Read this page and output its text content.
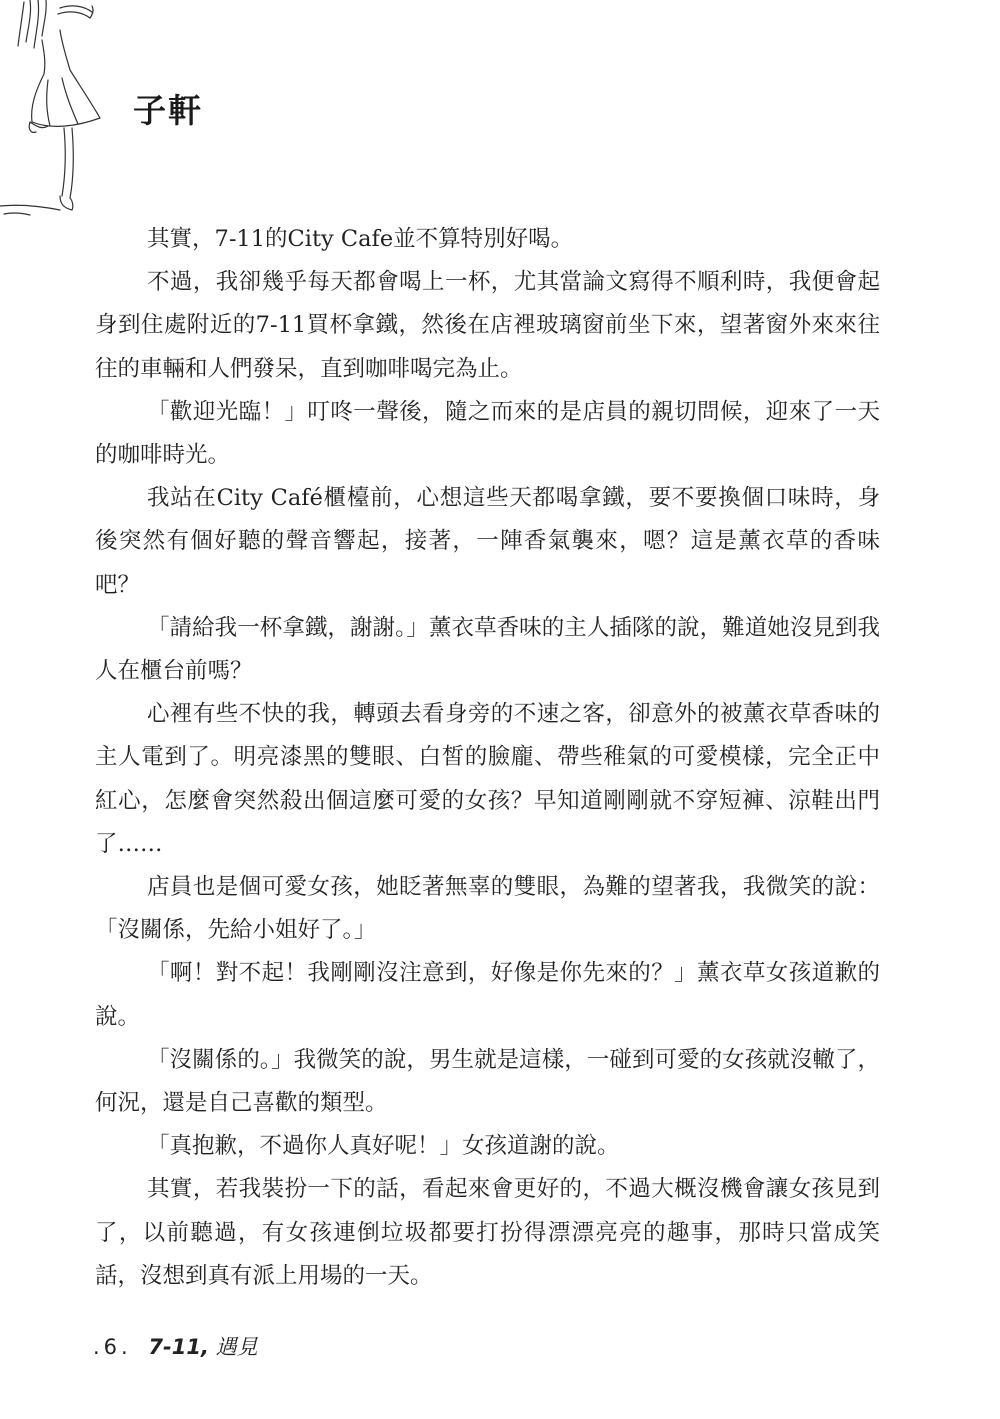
子軒

其實，7-11的City Cafe並不算特別好喝。

不過，我卻幾乎每天都會喝上一杯，尤其當論文寫得不順利時，我便會起身到住處附近的7-11買杯拿鐵，然後在店裡玻璃窗前坐下來，望著窗外來來往往的車輛和人們發呆，直到咖啡喝完為止。

「歡迎光臨！」叮咚一聲後，隨之而來的是店員的親切問候，迎來了一天的咖啡時光。

我站在City Café櫃檯前，心想這些天都喝拿鐵，要不要換個口味時，身後突然有個好聽的聲音響起，接著，一陣香氣襲來，嗯？這是薰衣草的香味吧？

「請給我一杯拿鐵，謝謝。」薰衣草香味的主人插隊的說，難道她沒見到我人在櫃台前嗎？

心裡有些不快的我，轉頭去看身旁的不速之客，卻意外的被薰衣草香味的主人電到了。明亮漆黑的雙眼、白皙的臉龐、帶些稚氣的可愛模樣，完全正中紅心，怎麼會突然殺出個這麼可愛的女孩？早知道剛剛就不穿短褲、涼鞋出門了……

店員也是個可愛女孩，她眨著無辜的雙眼，為難的望著我，我微笑的說：「沒關係，先給小姐好了。」

「啊！對不起！我剛剛沒注意到，好像是你先來的？」薰衣草女孩道歉的說。

「沒關係的。」我微笑的說，男生就是這樣，一碰到可愛的女孩就沒轍了，何況，還是自己喜歡的類型。

「真抱歉，不過你人真好呢！」女孩道謝的說。

其實，若我裝扮一下的話，看起來會更好的，不過大概沒機會讓女孩見到了，以前聽過，有女孩連倒垃圾都要打扮得漂漂亮亮的趣事，那時只當成笑話，沒想到真有派上用場的一天。

.6. 7-11, 遇見
